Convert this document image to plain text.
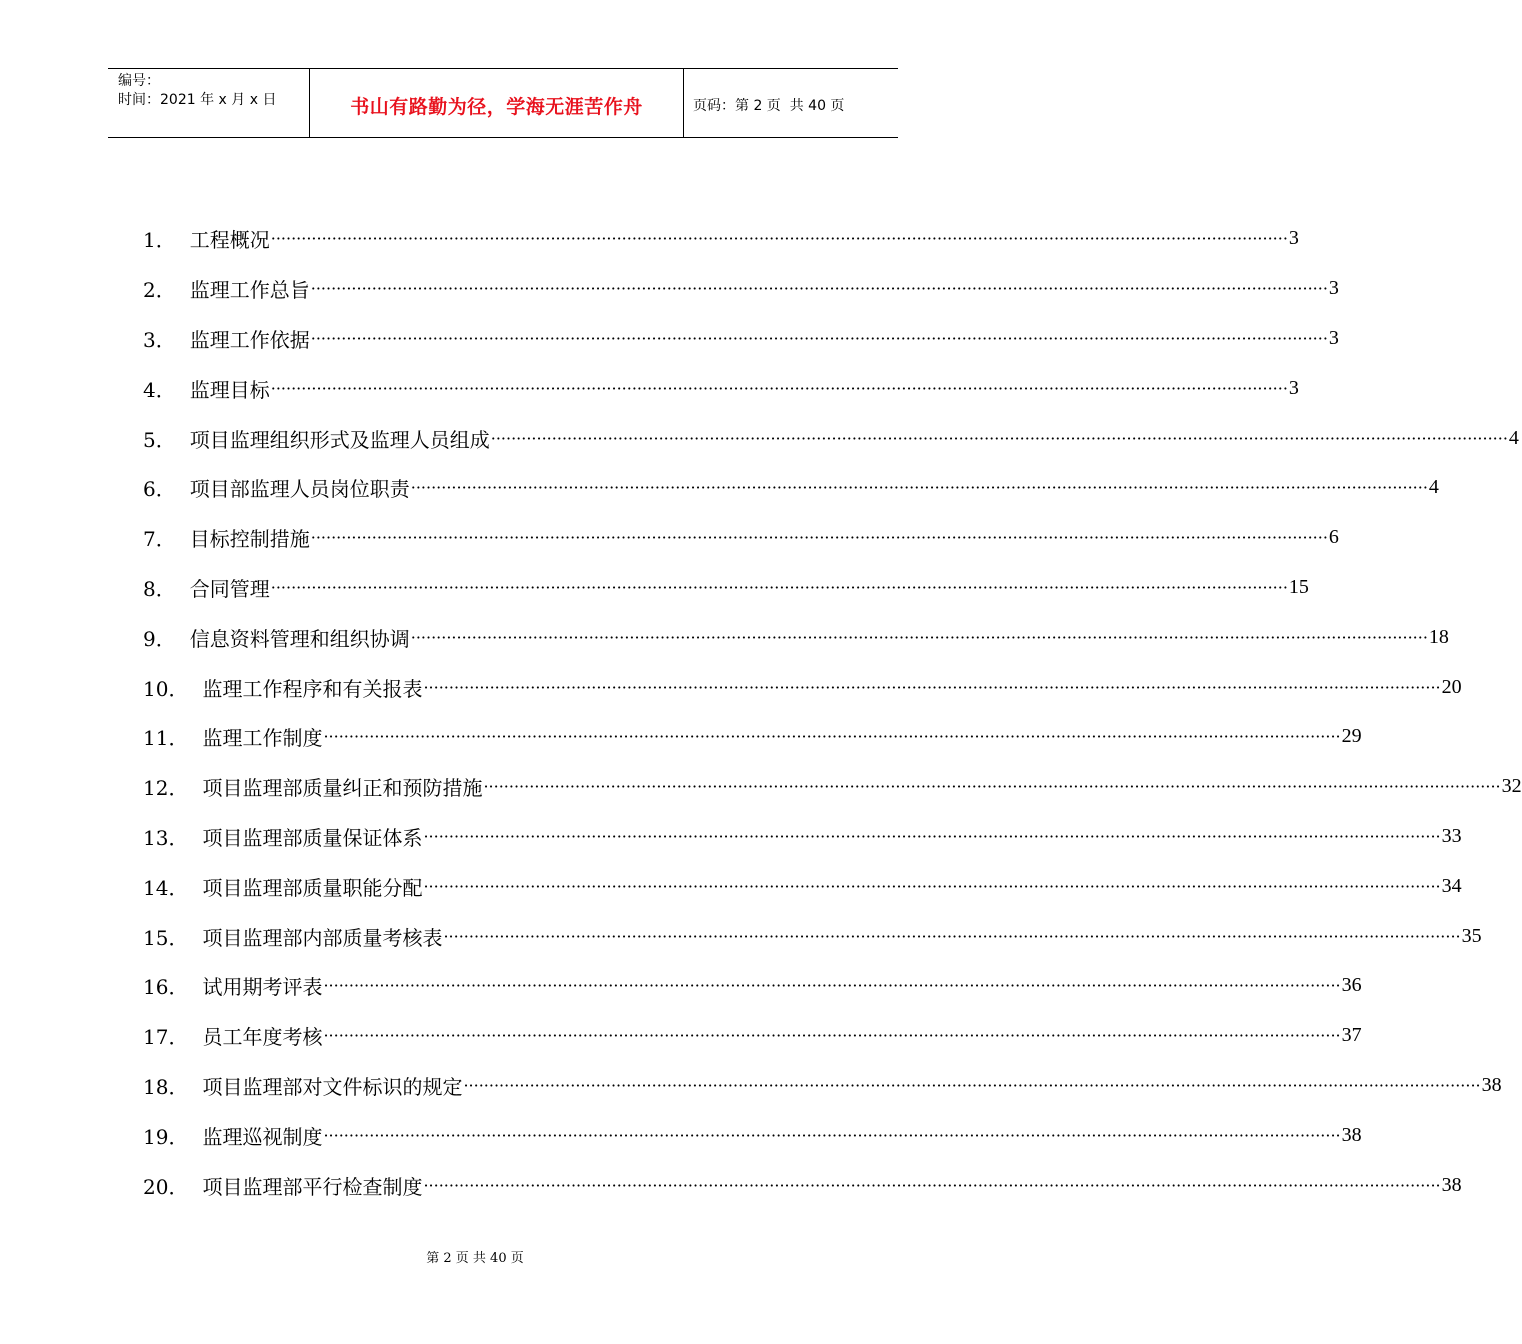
编号：
时间：2021 年 x 月 x 日	书山有路勤为径，学海无涯苦作舟	页码：第 2 页  共 40 页
1． 工程概况 ········································································································································································································ 3
2． 监理工作总旨 ········································································································································································································ 3
3． 监理工作依据 ········································································································································································································ 3
4． 监理目标 ········································································································································································································ 3
5． 项目监理组织形式及监理人员组成 ········································································································································································································ 4
6． 项目部监理人员岗位职责 ········································································································································································································ 4
7． 目标控制措施 ········································································································································································································ 6
8． 合同管理 ········································································································································································································ 15
9． 信息资料管理和组织协调 ········································································································································································································ 18
10． 监理工作程序和有关报表 ········································································································································································································ 20
11． 监理工作制度 ········································································································································································································ 29
12． 项目监理部质量纠正和预防措施 ········································································································································································································ 32
13． 项目监理部质量保证体系 ········································································································································································································ 33
14． 项目监理部质量职能分配 ········································································································································································································ 34
15． 项目监理部内部质量考核表 ········································································································································································································ 35
16． 试用期考评表 ········································································································································································································ 36
17． 员工年度考核 ········································································································································································································ 37
18． 项目监理部对文件标识的规定 ········································································································································································································ 38
19． 监理巡视制度 ········································································································································································································ 38
20． 项目监理部平行检查制度 ········································································································································································································ 38
第 2 页 共 40 页
